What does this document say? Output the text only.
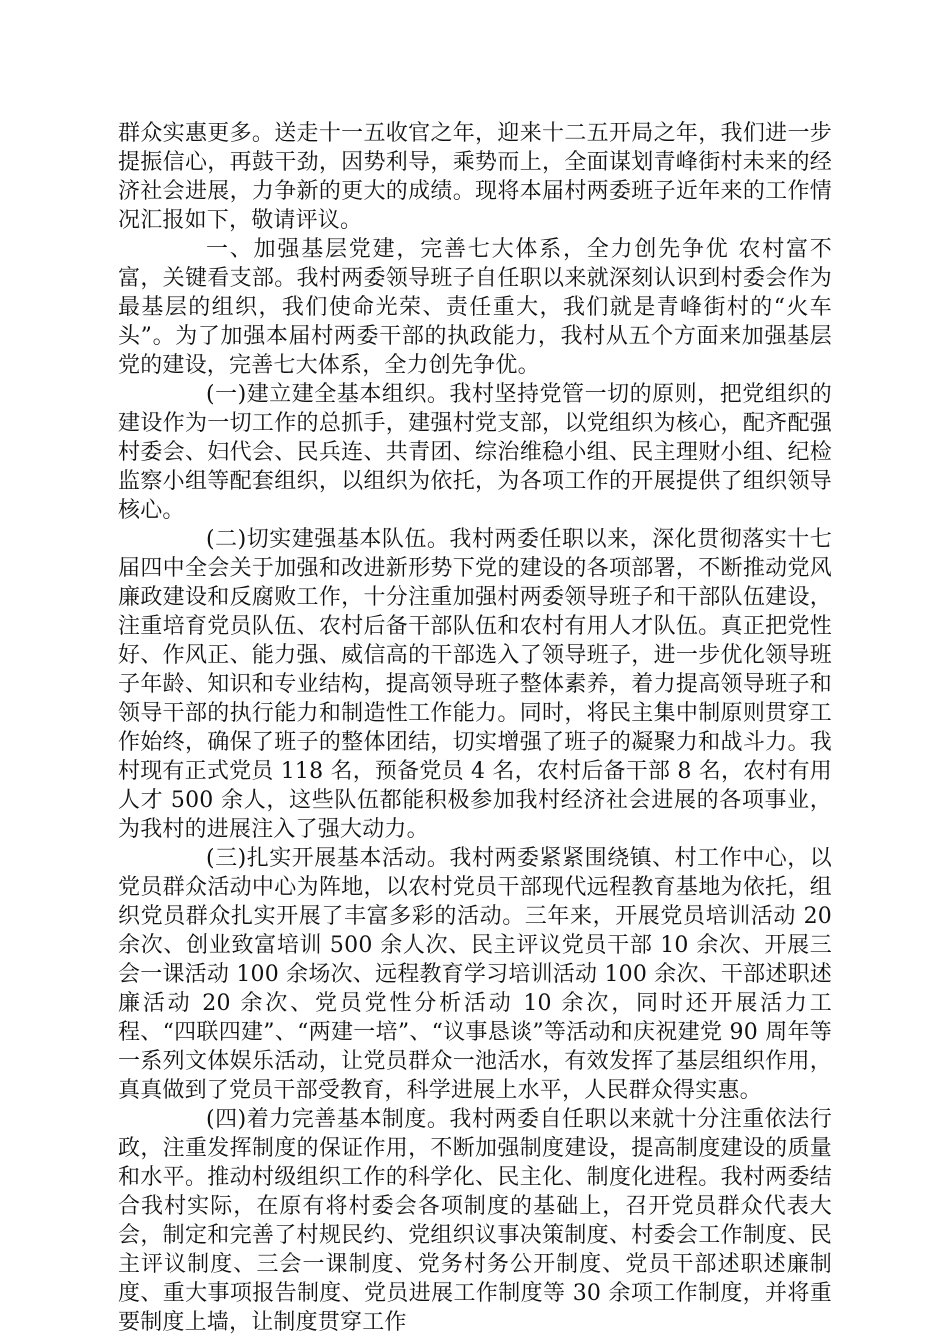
群众实惠更多。送走十一五收官之年，迎来十二五开局之年，我们进一步提振信心，再鼓干劲，因势利导，乘势而上，全面谋划青峰街村未来的经济社会进展，力争新的更大的成绩。现将本届村两委班子近年来的工作情况汇报如下，敬请评议。

一、加强基层党建，完善七大体系，全力创先争优 农村富不富，关键看支部。我村两委领导班子自任职以来就深刻认识到村委会作为最基层的组织，我们使命光荣、责任重大，我们就是青峰街村的“火车头”。为了加强本届村两委干部的执政能力，我村从五个方面来加强基层党的建设，完善七大体系，全力创先争优。

(一)建立建全基本组织。我村坚持党管一切的原则，把党组织的建设作为一切工作的总抓手，建强村党支部，以党组织为核心，配齐配强村委会、妇代会、民兵连、共青团、综治维稳小组、民主理财小组、纪检监察小组等配套组织，以组织为依托，为各项工作的开展提供了组织领导核心。

(二)切实建强基本队伍。我村两委任职以来，深化贯彻落实十七届四中全会关于加强和改进新形势下党的建设的各项部署，不断推动党风廉政建设和反腐败工作，十分注重加强村两委领导班子和干部队伍建设，注重培育党员队伍、农村后备干部队伍和农村有用人才队伍。真正把党性好、作风正、能力强、威信高的干部选入了领导班子，进一步优化领导班子年龄、知识和专业结构，提高领导班子整体素养，着力提高领导班子和领导干部的执行能力和制造性工作能力。同时，将民主集中制原则贯穿工作始终，确保了班子的整体团结，切实增强了班子的凝聚力和战斗力。我村现有正式党员 118 名，预备党员 4 名，农村后备干部 8 名，农村有用人才 500 余人，这些队伍都能积极参加我村经济社会进展的各项事业，为我村的进展注入了强大动力。

(三)扎实开展基本活动。我村两委紧紧围绕镇、村工作中心，以党员群众活动中心为阵地，以农村党员干部现代远程教育基地为依托，组织党员群众扎实开展了丰富多彩的活动。三年来，开展党员培训活动 20 余次、创业致富培训 500 余人次、民主评议党员干部 10 余次、开展三会一课活动 100 余场次、远程教育学习培训活动 100 余次、干部述职述廉活动 20 余次、党员党性分析活动 10 余次，同时还开展活力工程、“四联四建”、“两建一培”、“议事恳谈”等活动和庆祝建党 90 周年等一系列文体娱乐活动，让党员群众一池活水，有效发挥了基层组织作用，真真做到了党员干部受教育，科学进展上水平，人民群众得实惠。

(四)着力完善基本制度。我村两委自任职以来就十分注重依法行政，注重发挥制度的保证作用，不断加强制度建设，提高制度建设的质量和水平。推动村级组织工作的科学化、民主化、制度化进程。我村两委结合我村实际，在原有将村委会各项制度的基础上，召开党员群众代表大会，制定和完善了村规民约、党组织议事决策制度、村委会工作制度、民主评议制度、三会一课制度、党务村务公开制度、党员干部述职述廉制度、重大事项报告制度、党员进展工作制度等 30 余项工作制度，并将重要制度上墙，让制度贯穿工作
